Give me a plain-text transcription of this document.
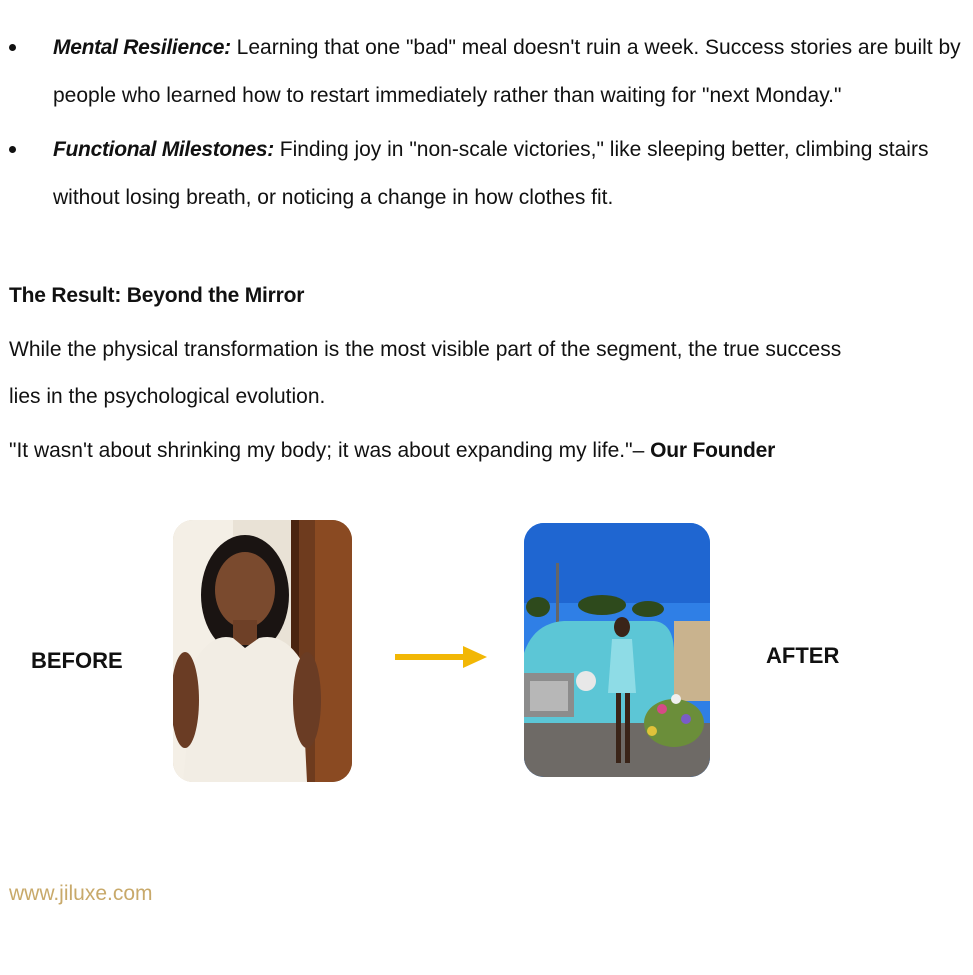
Mental Resilience: Learning that one "bad" meal doesn't ruin a week. Success stories are built by people who learned how to restart immediately rather than waiting for "next Monday."
Functional Milestones: Finding joy in "non-scale victories," like sleeping better, climbing stairs without losing breath, or noticing a change in how clothes fit.
The Result: Beyond the Mirror

While the physical transformation is the most visible part of the segment, the true success
lies in the psychological evolution.

"It wasn't about shrinking my body; it was about expanding my life."– Our Founder

BEFORE	AFTER
www.jiluxe.com
